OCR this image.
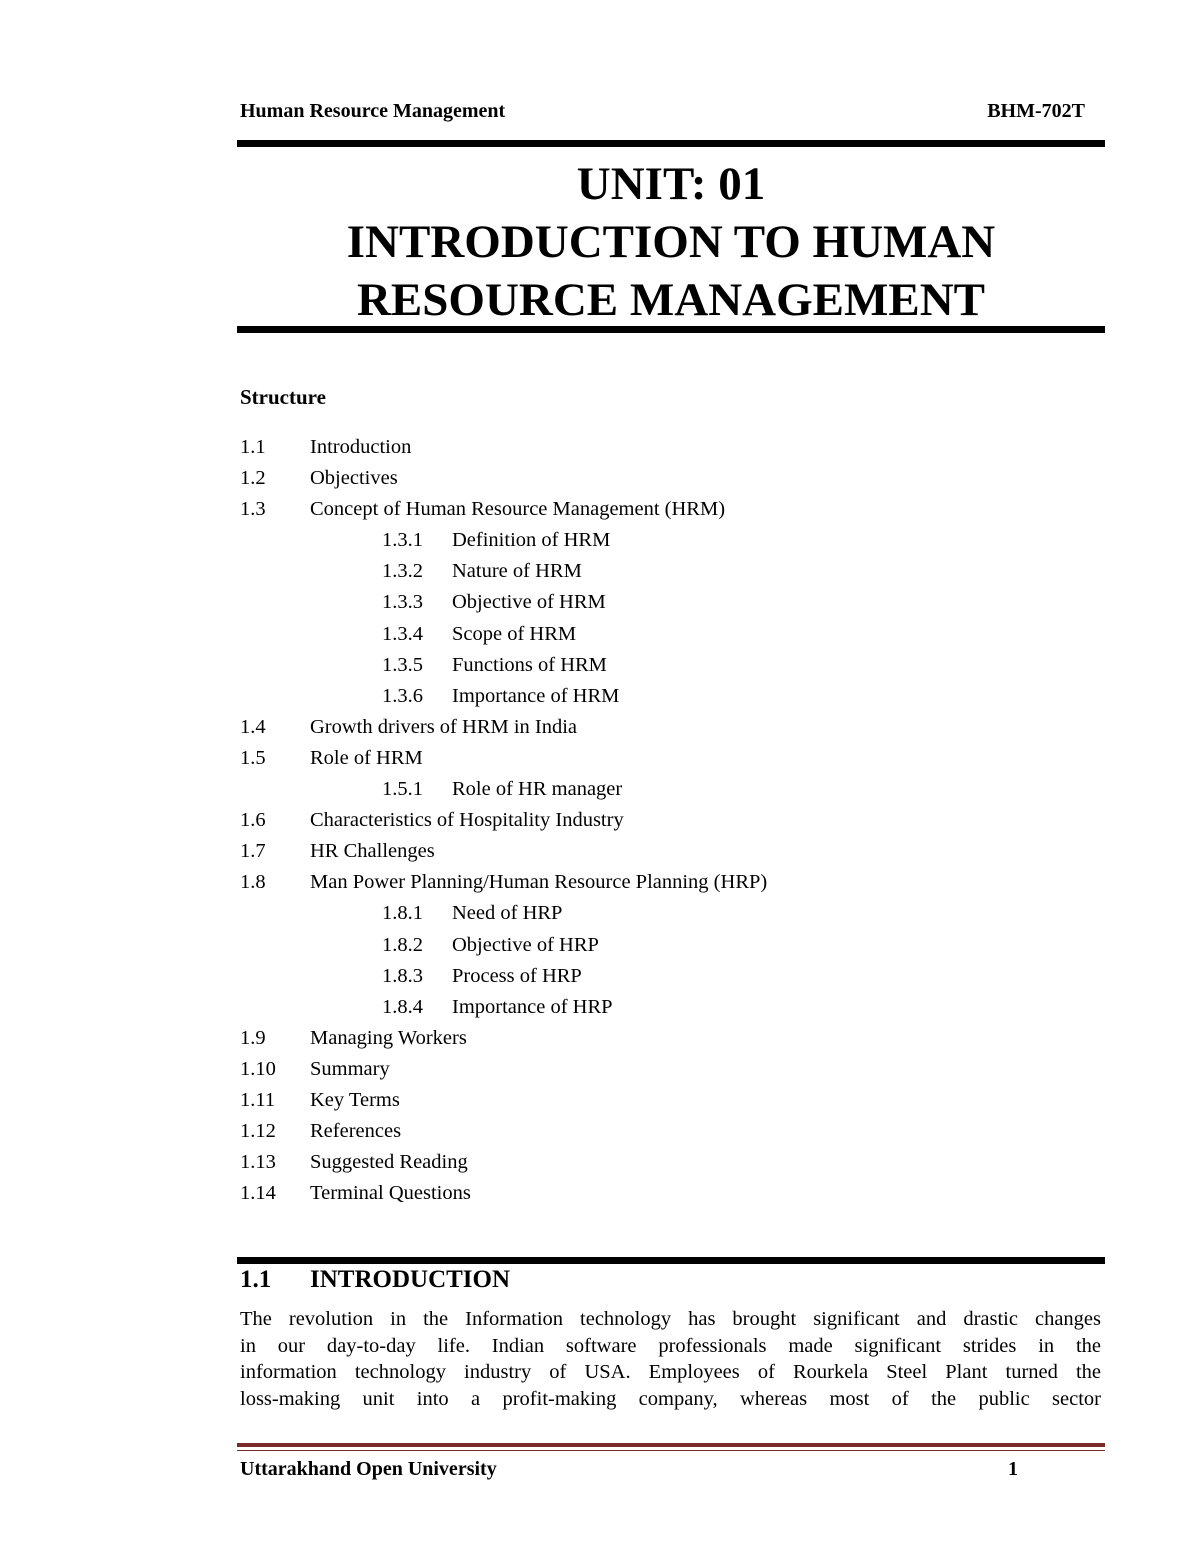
Human Resource Management	BHM-702T
UNIT: 01
INTRODUCTION TO HUMAN
RESOURCE MANAGEMENT
Structure
1.1 Introduction
1.2 Objectives
1.3 Concept of Human Resource Management (HRM)
1.3.1 Definition of HRM
1.3.2 Nature of HRM
1.3.3 Objective of HRM
1.3.4 Scope of HRM
1.3.5 Functions of HRM
1.3.6 Importance of HRM
1.4 Growth drivers of HRM in India
1.5 Role of HRM
1.5.1 Role of HR manager
1.6 Characteristics of Hospitality Industry
1.7 HR Challenges
1.8 Man Power Planning/Human Resource Planning (HRP)
1.8.1 Need of HRP
1.8.2 Objective of HRP
1.8.3 Process of HRP
1.8.4 Importance of HRP
1.9 Managing Workers
1.10 Summary
1.11 Key Terms
1.12 References
1.13 Suggested Reading
1.14 Terminal Questions
1.1 INTRODUCTION
The revolution in the Information technology has brought significant and drastic changes
in our day-to-day life. Indian software professionals made significant strides in the
information technology industry of USA. Employees of Rourkela Steel Plant turned the
loss-making unit into a profit-making company, whereas most of the public sector
Uttarakhand Open University	1
